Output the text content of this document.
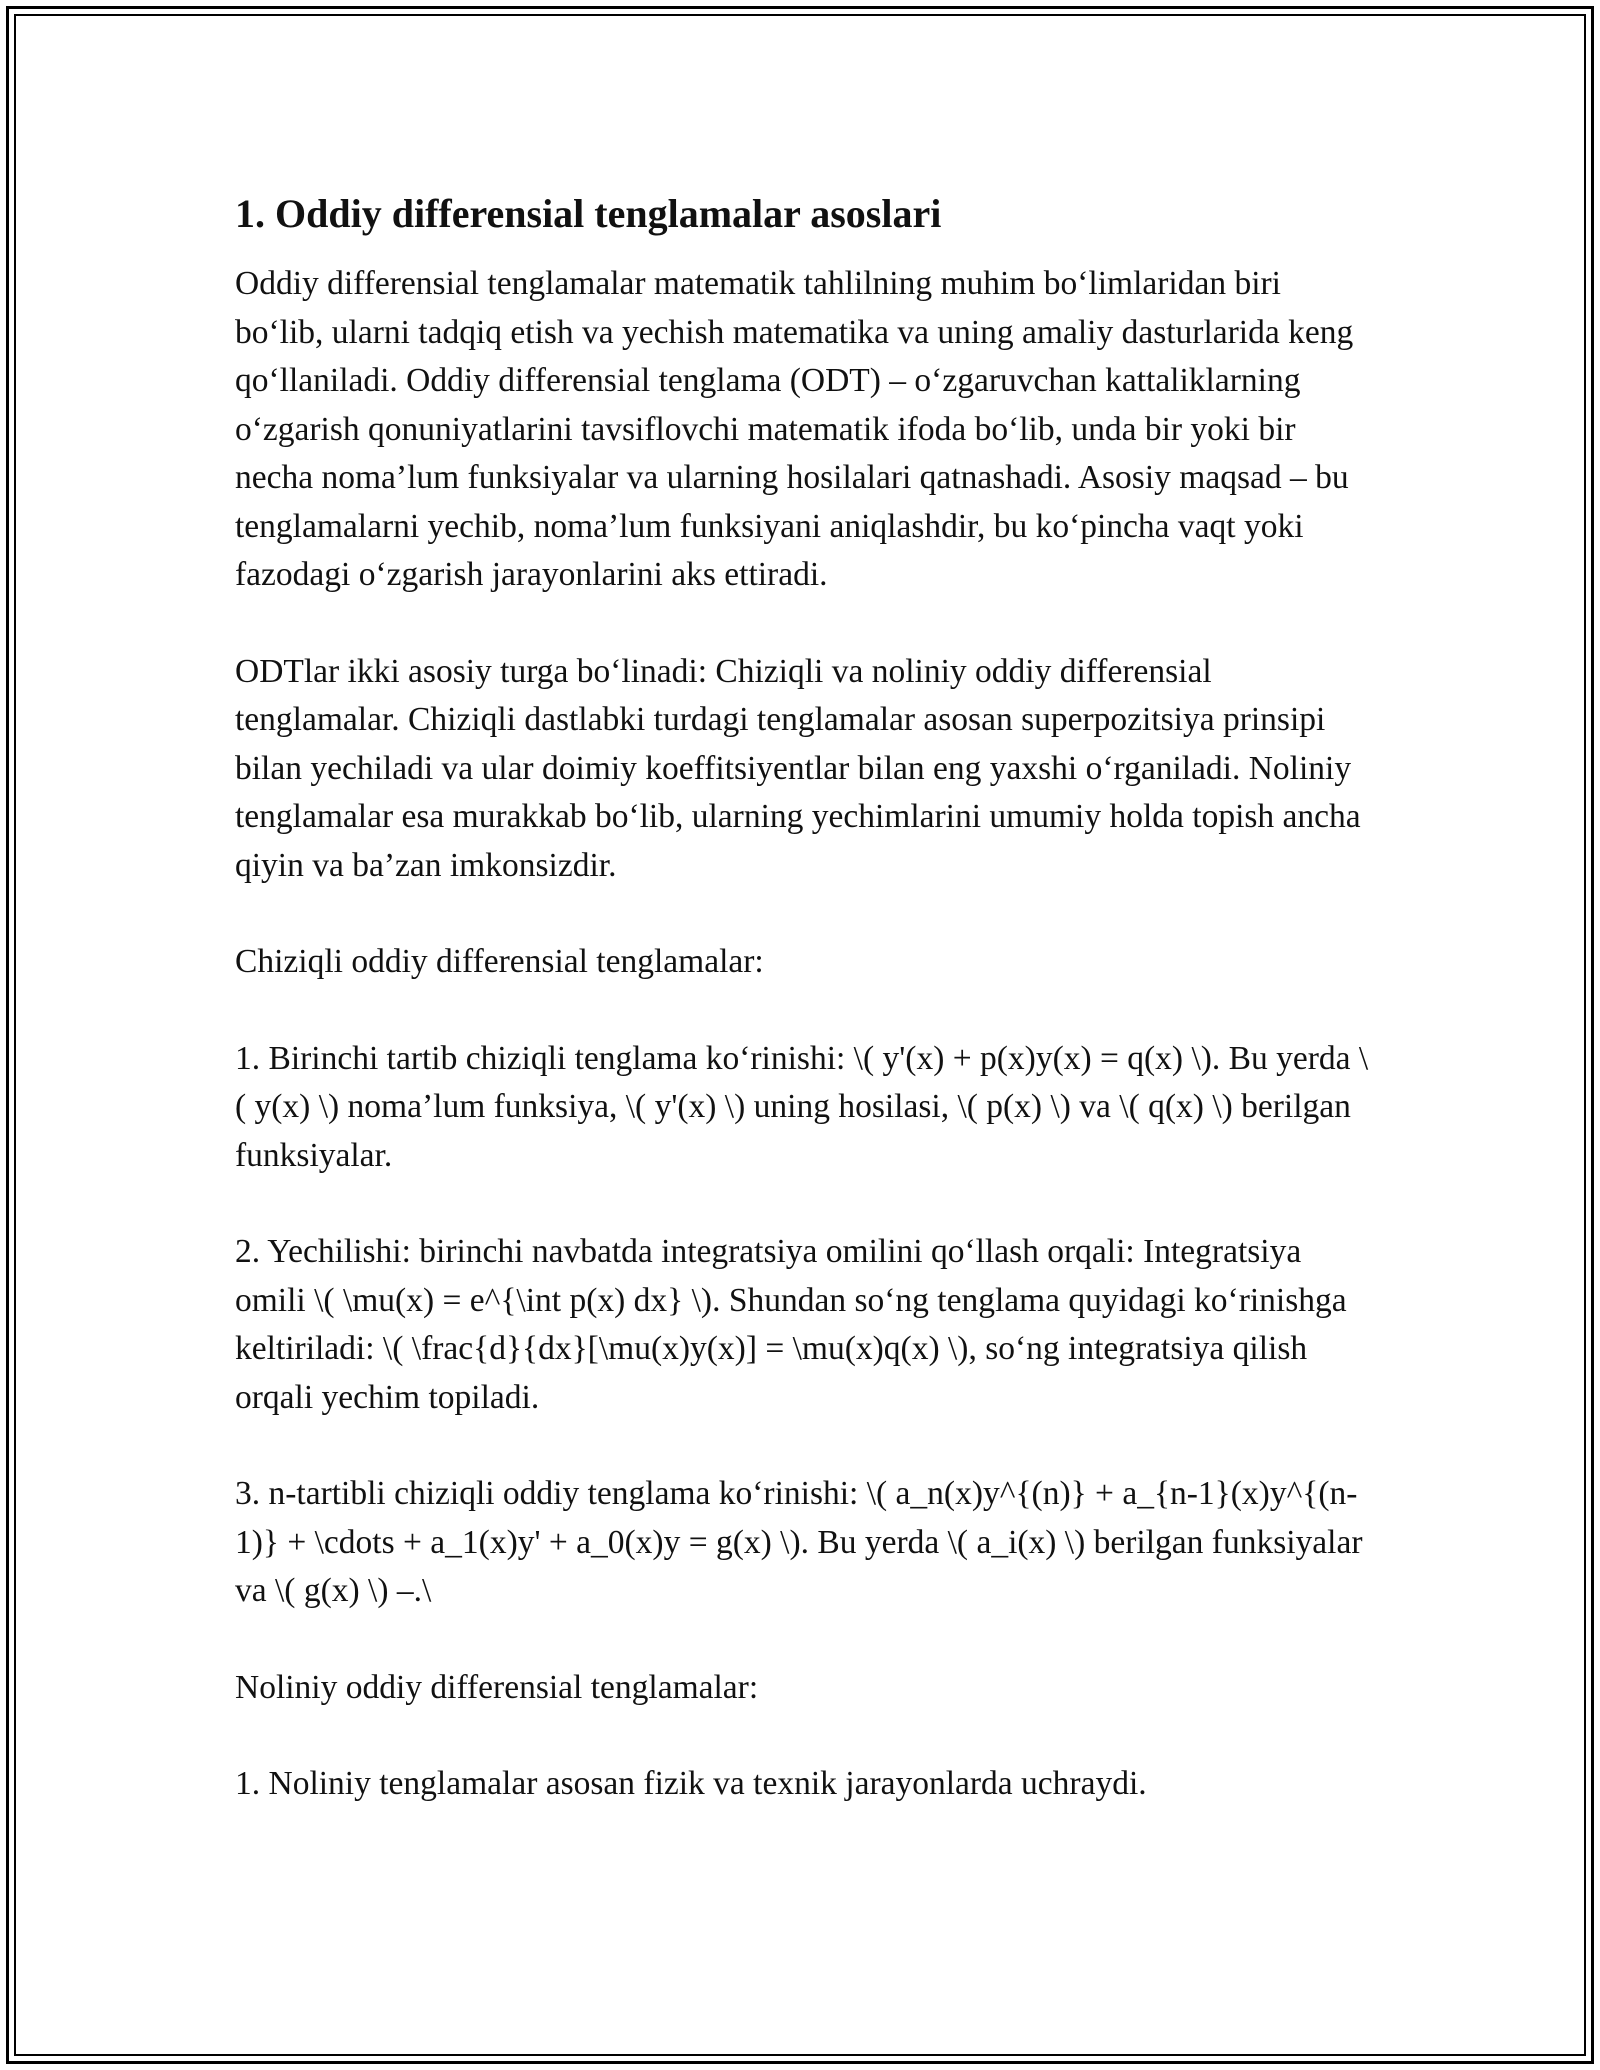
1. Oddiy differensial tenglamalar asoslari

Oddiy differensial tenglamalar matematik tahlilning muhim bo‘limlaridan biri bo‘lib, ularni tadqiq etish va yechish matematika va uning amaliy dasturlarida keng qo‘llaniladi. Oddiy differensial tenglama (ODT) – o‘zgaruvchan kattaliklarning o‘zgarish qonuniyatlarini tavsiflovchi matematik ifoda bo‘lib, unda bir yoki bir necha noma’lum funksiyalar va ularning hosilalari qatnashadi. Asosiy maqsad – bu tenglamalarni yechib, noma’lum funksiyani aniqlashdir, bu ko‘pincha vaqt yoki fazodagi o‘zgarish jarayonlarini aks ettiradi.

ODTlar ikki asosiy turga bo‘linadi: Chiziqli va noliniy oddiy differensial tenglamalar. Chiziqli dastlabki turdagi tenglamalar asosan superpozitsiya prinsipi bilan yechiladi va ular doimiy koeffitsiyentlar bilan eng yaxshi o‘rganiladi. Noliniy tenglamalar esa murakkab bo‘lib, ularning yechimlarini umumiy holda topish ancha qiyin va ba’zan imkonsizdir.

Chiziqli oddiy differensial tenglamalar:

1. Birinchi tartib chiziqli tenglama ko‘rinishi: \( y'(x) + p(x)y(x) = q(x) \). Bu yerda \( y(x) \) noma’lum funksiya, \( y'(x) \) uning hosilasi, \( p(x) \) va \( q(x) \) berilgan funksiyalar.

2. Yechilishi: birinchi navbatda integratsiya omilini qo‘llash orqali: Integratsiya omili \( \mu(x) = e^{\int p(x) dx} \). Shundan so‘ng tenglama quyidagi ko‘rinishga keltiriladi: \( \frac{d}{dx}[\mu(x)y(x)] = \mu(x)q(x) \), so‘ng integratsiya qilish orqali yechim topiladi.

3. n-tartibli chiziqli oddiy tenglama ko‘rinishi: \( a_n(x)y^{(n)} + a_{n-1}(x)y^{(n-1)} + \cdots + a_1(x)y' + a_0(x)y = g(x) \). Bu yerda \( a_i(x) \) berilgan funksiyalar va \( g(x) \) –.\

Noliniy oddiy differensial tenglamalar:

1. Noliniy tenglamalar asosan fizik va texnik jarayonlarda uchraydi.
